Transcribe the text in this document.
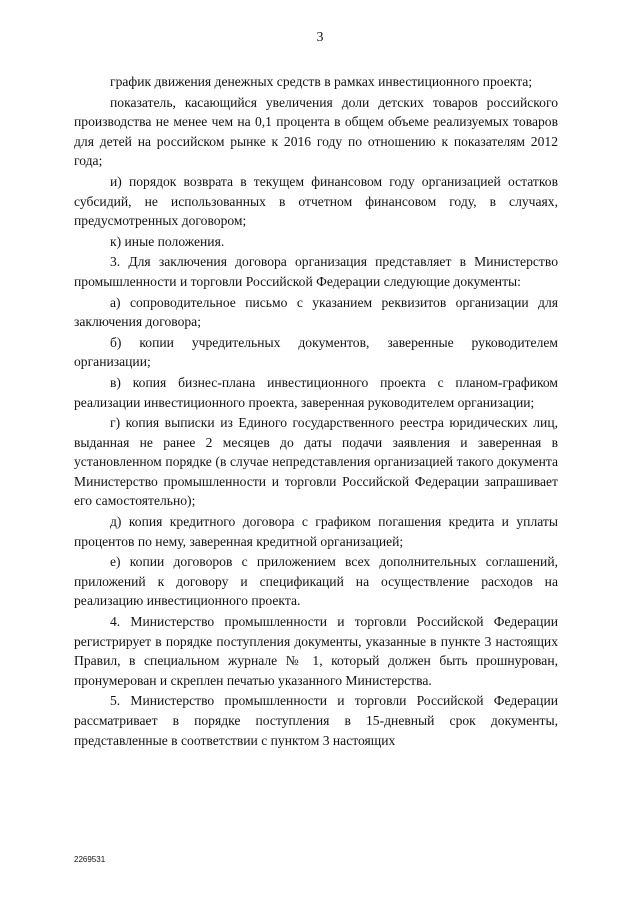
3

график движения денежных средств в рамках инвестиционного проекта;

показатель, касающийся увеличения доли детских товаров российского производства не менее чем на 0,1 процента в общем объеме реализуемых товаров для детей на российском рынке к 2016 году по отношению к показателям 2012 года;

и) порядок возврата в текущем финансовом году организацией остатков субсидий, не использованных в отчетном финансовом году, в случаях, предусмотренных договором;

к) иные положения.

3. Для заключения договора организация представляет в Министерство промышленности и торговли Российской Федерации следующие документы:

а) сопроводительное письмо с указанием реквизитов организации для заключения договора;

б) копии учредительных документов, заверенные руководителем организации;

в) копия бизнес-плана инвестиционного проекта с планом-графиком реализации инвестиционного проекта, заверенная руководителем организации;

г) копия выписки из Единого государственного реестра юридических лиц, выданная не ранее 2 месяцев до даты подачи заявления и заверенная в установленном порядке (в случае непредставления организацией такого документа Министерство промышленности и торговли Российской Федерации запрашивает его самостоятельно);

д) копия кредитного договора с графиком погашения кредита и уплаты процентов по нему, заверенная кредитной организацией;

е) копии договоров с приложением всех дополнительных соглашений, приложений к договору и спецификаций на осуществление расходов на реализацию инвестиционного проекта.

4. Министерство промышленности и торговли Российской Федерации регистрирует в порядке поступления документы, указанные в пункте 3 настоящих Правил, в специальном журнале № 1, который должен быть прошнурован, пронумерован и скреплен печатью указанного Министерства.

5. Министерство промышленности и торговли Российской Федерации рассматривает в порядке поступления в 15-дневный срок документы, представленные в соответствии с пунктом 3 настоящих

2269531
